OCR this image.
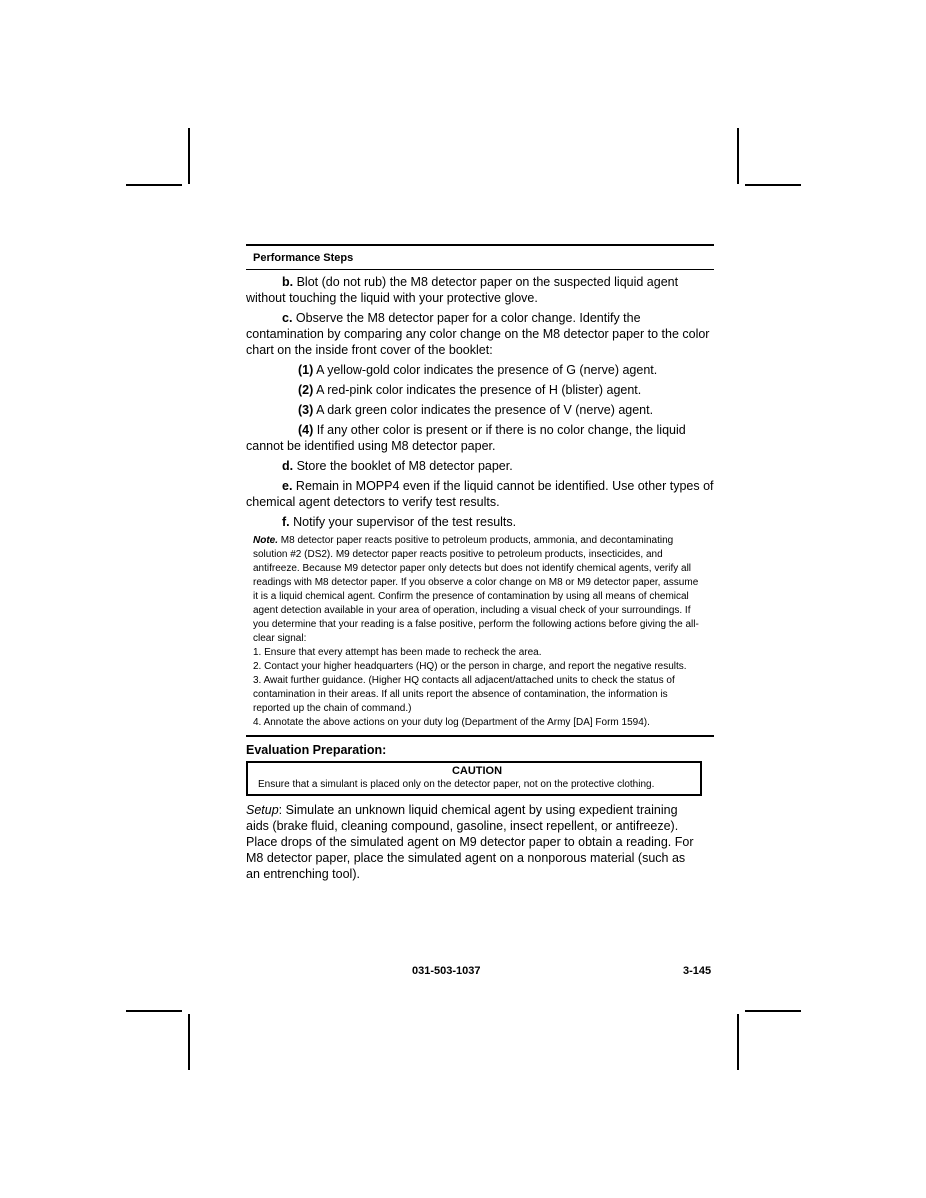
Performance Steps

b. Blot (do not rub) the M8 detector paper on the suspected liquid agent without touching the liquid with your protective glove.

c. Observe the M8 detector paper for a color change. Identify the contamination by comparing any color change on the M8 detector paper to the color chart on the inside front cover of the booklet:

(1) A yellow-gold color indicates the presence of G (nerve) agent.

(2) A red-pink color indicates the presence of H (blister) agent.

(3) A dark green color indicates the presence of V (nerve) agent.

(4) If any other color is present or if there is no color change, the liquid cannot be identified using M8 detector paper.

d. Store the booklet of M8 detector paper.

e. Remain in MOPP4 even if the liquid cannot be identified. Use other types of chemical agent detectors to verify test results.

f. Notify your supervisor of the test results.

Note. M8 detector paper reacts positive to petroleum products, ammonia, and decontaminating solution #2 (DS2). M9 detector paper reacts positive to petroleum products, insecticides, and antifreeze. Because M9 detector paper only detects but does not identify chemical agents, verify all readings with M8 detector paper. If you observe a color change on M8 or M9 detector paper, assume it is a liquid chemical agent. Confirm the presence of contamination by using all means of chemical agent detection available in your area of operation, including a visual check of your surroundings. If you determine that your reading is a false positive, perform the following actions before giving the all-clear signal:

1. Ensure that every attempt has been made to recheck the area.

2. Contact your higher headquarters (HQ) or the person in charge, and report the negative results.

3. Await further guidance. (Higher HQ contacts all adjacent/attached units to check the status of contamination in their areas. If all units report the absence of contamination, the information is reported up the chain of command.)

4. Annotate the above actions on your duty log (Department of the Army [DA] Form 1594).

Evaluation Preparation:
CAUTION
Ensure that a simulant is placed only on the detector paper, not on the protective clothing.

Setup: Simulate an unknown liquid chemical agent by using expedient training aids (brake fluid, cleaning compound, gasoline, insect repellent, or antifreeze). Place drops of the simulated agent on M9 detector paper to obtain a reading. For M8 detector paper, place the simulated agent on a nonporous material (such as an entrenching tool).

031-503-1037	3-145
